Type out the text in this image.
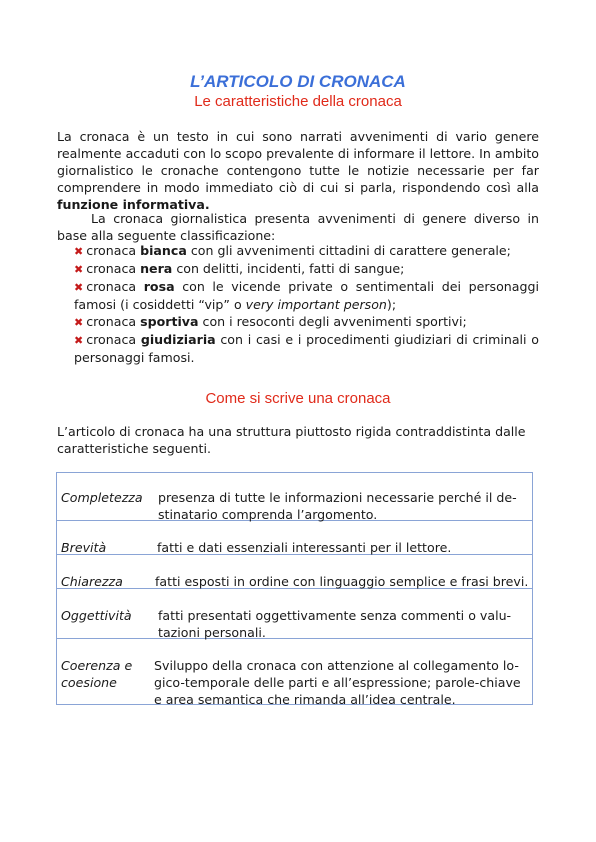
L’ARTICOLO DI CRONACA
Le caratteristiche della cronaca
La cronaca è un testo in cui sono narrati avvenimenti di vario genere realmente accaduti con lo scopo prevalente di informare il lettore. In ambito giornalistico le cronache contengono tutte le notizie necessarie per far comprendere in modo immediato ciò di cui si parla, rispondendo così alla funzione informativa.
La cronaca giornalistica presenta avvenimenti di genere diverso in base alla seguente classificazione:
✖ cronaca bianca con gli avvenimenti cittadini di carattere generale;
✖ cronaca nera con delitti, incidenti, fatti di sangue;
✖ cronaca rosa con le vicende private o sentimentali dei personaggi famosi (i cosiddetti “vip” o very important person);
✖ cronaca sportiva con i resoconti degli avvenimenti sportivi;
✖ cronaca giudiziaria con i casi e i procedimenti giudiziari di criminali o personaggi famosi.
Come si scrive una cronaca
L’articolo di cronaca ha una struttura piuttosto rigida contraddistinta dalle caratteristiche seguenti.
Completezza presenza di tutte le informazioni necessarie perché il de-
stinatario comprenda l’argomento.
Brevità	fatti e dati essenziali interessanti per il lettore.
Chiarezza	fatti esposti in ordine con linguaggio semplice e frasi brevi.
Oggettività fatti presentati oggettivamente senza commenti o valu-
tazioni personali.
Coerenza e
coesione
Sviluppo della cronaca con attenzione al collegamento lo-
gico-temporale delle parti e all’espressione; parole-chiave
e area semantica che rimanda all’idea centrale.
